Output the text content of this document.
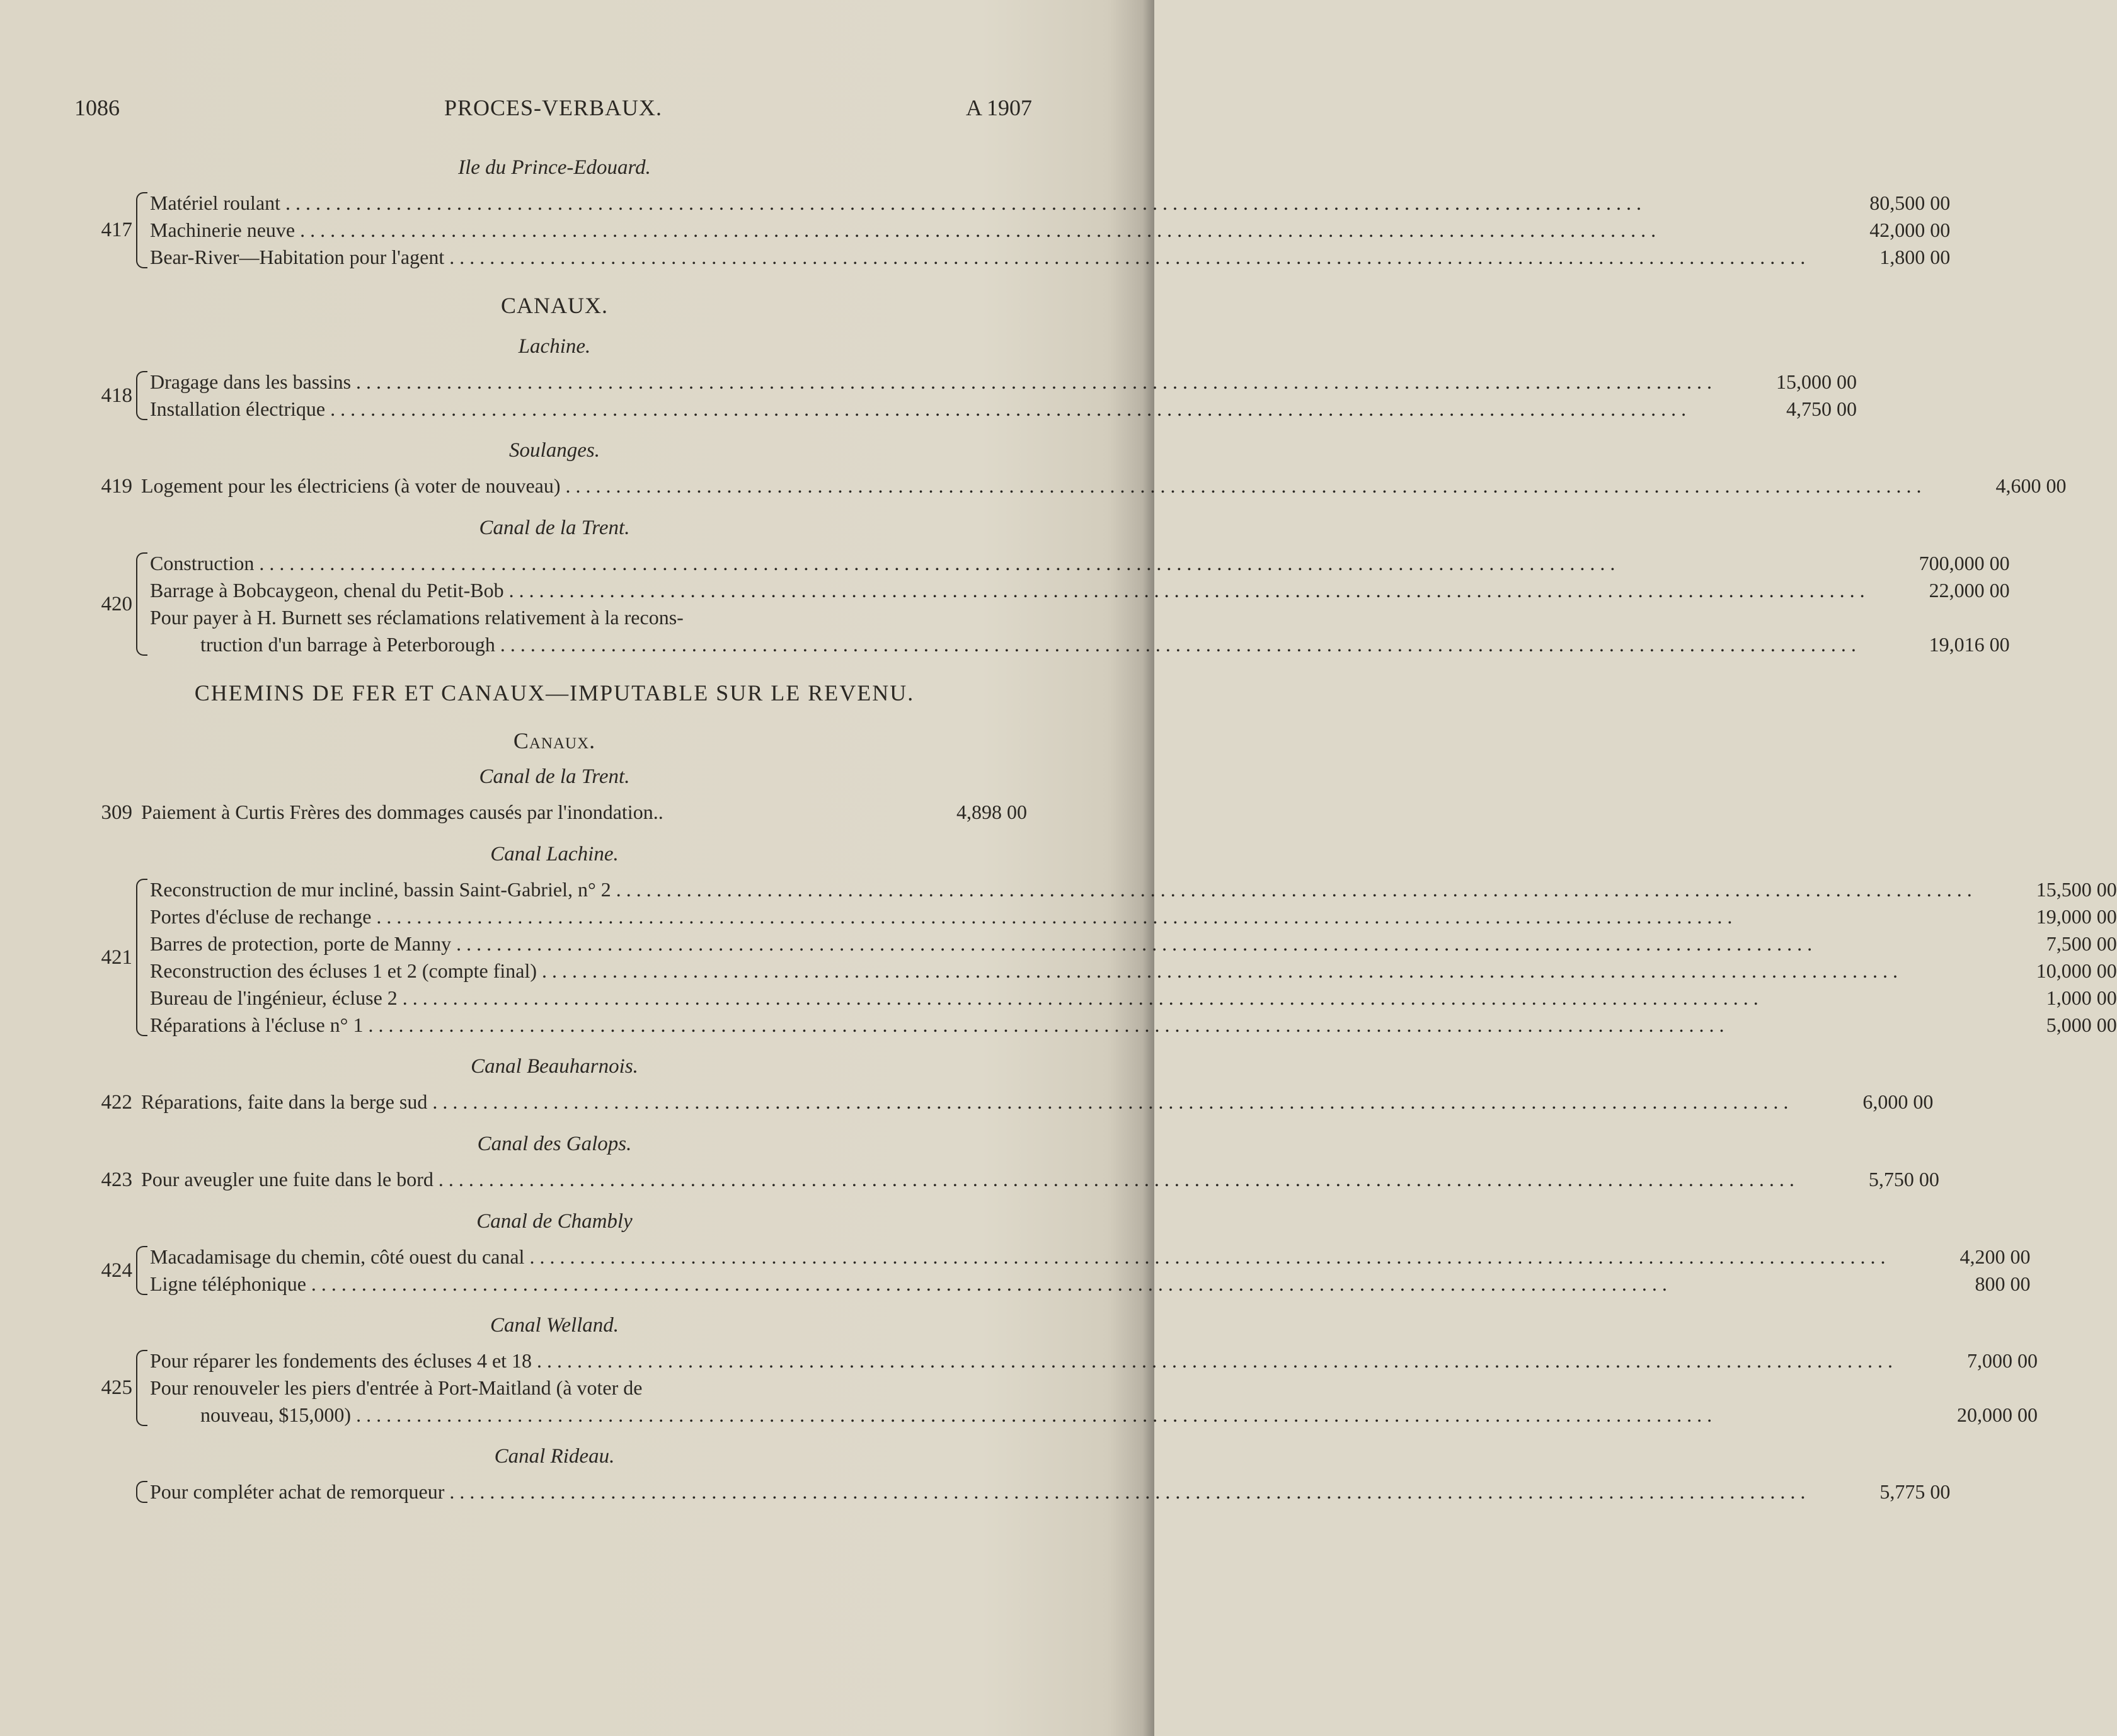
1086	PROCES-VERBAUX.	A 1907
Ile du Prince-Edouard.
417
Matériel roulant . . .	80,500 00
Machinerie neuve . . .	42,000 00
Bear-River—Habitation pour l'agent . . .	1,800 00
CANAUX.
Lachine.
418
Dragage dans les bassins . . .	15,000 00
Installation électrique . . .	4,750 00
Soulanges.
419 Logement pour les électriciens (à voter de nouveau) . . .	4,600 00
Canal de la Trent.
420
Construction . . .	700,000 00
Barrage à Bobcaygeon, chenal du Petit-Bob . . .	22,000 00
Pour payer à H. Burnett ses réclamations relativement à la recons-
truction d'un barrage à Peterborough . . .	19,016 00
CHEMINS DE FER ET CANAUX—IMPUTABLE SUR LE REVENU.
Canaux.
Canal de la Trent.
309 Paiement à Curtis Frères des dommages causés par l'inondation..	4,898 00
Canal Lachine.
421
Reconstruction de mur incliné, bassin Saint-Gabriel, n° 2 . . .	15,500 00
Portes d'écluse de rechange . . .	19,000 00
Barres de protection, porte de Manny . . .	7,500 00
Reconstruction des écluses 1 et 2 (compte final) . . .	10,000 00
Bureau de l'ingénieur, écluse 2 . . .	1,000 00
Réparations à l'écluse n° 1 . . .	5,000 00
Canal Beauharnois.
422 Réparations, faite dans la berge sud . . .	6,000 00
Canal des Galops.
423 Pour aveugler une fuite dans le bord . . .	5,750 00
Canal de Chambly
424
Macadamisage du chemin, côté ouest du canal . . .	4,200 00
Ligne téléphonique . . .	800 00
Canal Welland.
425
Pour réparer les fondements des écluses 4 et 18 . . .	7,000 00
Pour renouveler les piers d'entrée à Port-Maitland (à voter de
nouveau, $15,000) . . .	20,000 00
Canal Rideau.
Pour compléter achat de remorqueur . . .	5,775 00
